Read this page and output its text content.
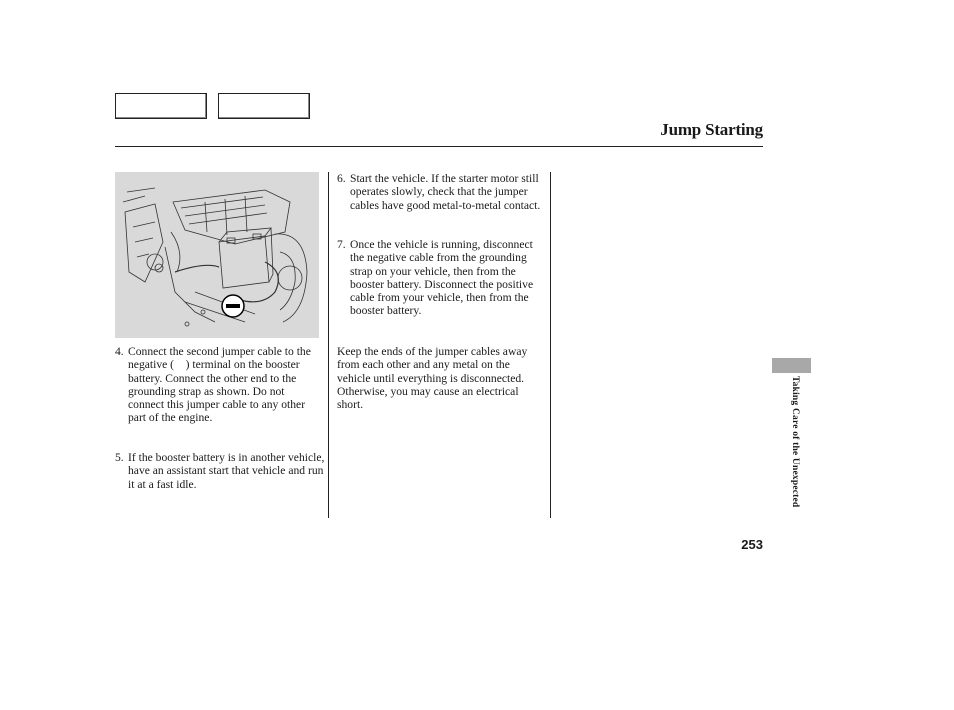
Jump Starting
4. Connect the second jumper cable to the negative (  ) terminal on the booster battery. Connect the other end to the grounding strap as shown. Do not connect this jumper cable to any other part of the engine.
5. If the booster battery is in another vehicle, have an assistant start that vehicle and run it at a fast idle.
6. Start the vehicle. If the starter motor still operates slowly, check that the jumper cables have good metal-to-metal contact.
7. Once the vehicle is running, disconnect the negative cable from the grounding strap on your vehicle, then from the booster battery. Disconnect the positive cable from your vehicle, then from the booster battery.
Keep the ends of the jumper cables away from each other and any metal on the vehicle until everything is disconnected. Otherwise, you may cause an electrical short.	Taking Care of the Unexpected
253
